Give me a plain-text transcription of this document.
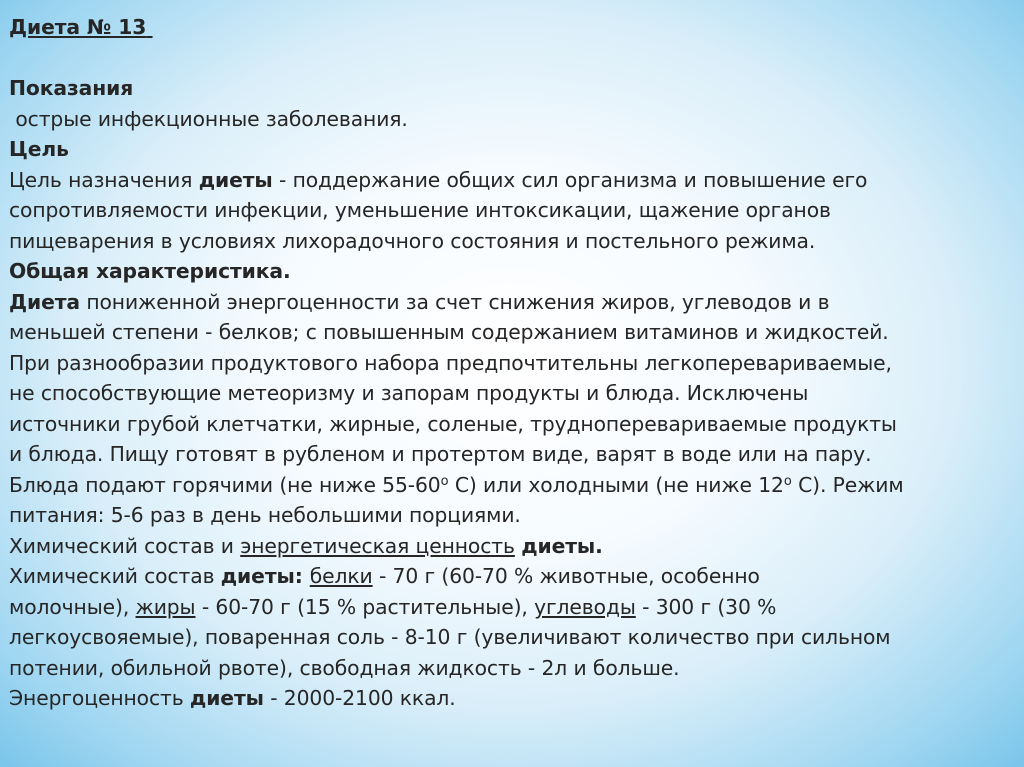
Диета № 13
Показания
острые инфекционные заболевания.
Цель
Цель назначения диеты - поддержание общих сил организма и повышение его
сопротивляемости инфекции, уменьшение интоксикации, щажение органов
пищеварения в условиях лихорадочного состояния и постельного режима.
Общая характеристика.
Диета пониженной энергоценности за счет снижения жиров, углеводов и в
меньшей степени - белков; с повышенным содержанием витаминов и жидкостей.
При разнообразии продуктового набора предпочтительны легкоперевариваемые,
не способствующие метеоризму и запорам продукты и блюда. Исключены
источники грубой клетчатки, жирные, соленые, трудноперевариваемые продукты
и блюда. Пищу готовят в рубленом и протертом виде, варят в воде или на пару.
Блюда подают горячими (не ниже $55-60^о$ С) или холодными (не ниже $12^о$ С). Режим
питания: 5-6 раз в день небольшими порциями.
Химический состав и энергетическая ценность диеты.
Химический состав диеты: белки - 70 г (60-70 % животные, особенно
молочные), жиры - 60-70 г (15 % растительные), углеводы - 300 г (30 %
легкоусвояемые), поваренная соль - 8-10 г (увеличивают количество при сильном
потении, обильной рвоте), свободная жидкость - 2л и больше.
Энергоценность диеты - 2000-2100 ккал.
